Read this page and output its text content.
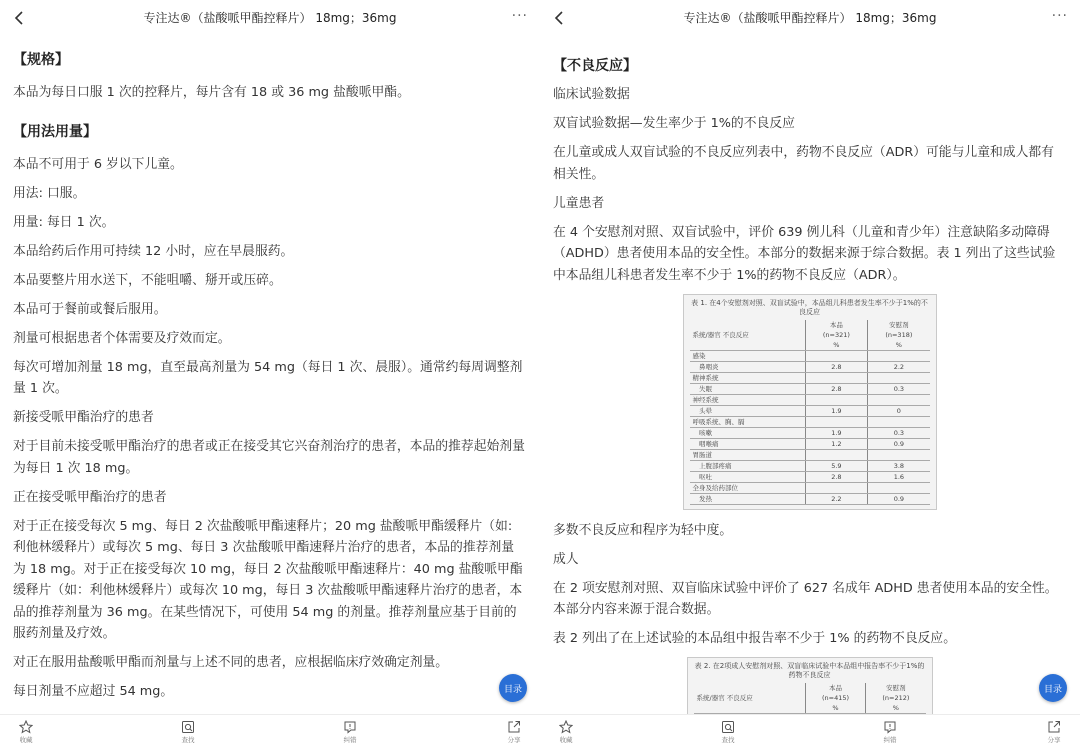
专注达®（盐酸哌甲酯控释片） 18mg；36mg	···
【规格】

本品为每日口服 1 次的控释片，每片含有 18 或 36 mg 盐酸哌甲酯。

【用法用量】

本品不可用于 6 岁以下儿童。

用法: 口服。

用量: 每日 1 次。

本品给药后作用可持续 12 小时，应在早晨服药。

本品要整片用水送下，不能咀嚼、掰开或压碎。

本品可于餐前或餐后服用。

剂量可根据患者个体需要及疗效而定。

每次可增加剂量 18 mg，直至最高剂量为 54 mg（每日 1 次、晨服）。通常约每周调整剂量 1 次。

新接受哌甲酯治疗的患者

对于目前未接受哌甲酯治疗的患者或正在接受其它兴奋剂治疗的患者，本品的推荐起始剂量为每日 1 次 18 mg。

正在接受哌甲酯治疗的患者

对于正在接受每次 5 mg、每日 2 次盐酸哌甲酯速释片；20 mg 盐酸哌甲酯缓释片（如: 利他林缓释片）或每次 5 mg、每日 3 次盐酸哌甲酯速释片治疗的患者，本品的推荐剂量为 18 mg。对于正在接受每次 10 mg，每日 2 次盐酸哌甲酯速释片：40 mg 盐酸哌甲酯缓释片（如：利他林缓释片）或每次 10 mg，每日 3 次盐酸哌甲酯速释片治疗的患者，本品的推荐剂量为 36 mg。在某些情况下，可使用 54 mg 的剂量。推荐剂量应基于目前的服药剂量及疗效。

对正在服用盐酸哌甲酯而剂量与上述不同的患者，应根据临床疗效确定剂量。

每日剂量不应超过 54 mg。	目录
收藏	查找	纠错	分享
专注达®（盐酸哌甲酯控释片） 18mg；36mg	···
【不良反应】

临床试验数据

双盲试验数据—发生率少于 1%的不良反应

在儿童或成人双盲试验的不良反应列表中，药物不良反应（ADR）可能与儿童和成人都有相关性。

儿童患者

在 4 个安慰剂对照、双盲试验中，评价 639 例儿科（儿童和青少年）注意缺陷多动障碍（ADHD）患者使用本品的安全性。本部分的数据来源于综合数据。表 1 列出了这些试验中本品组儿科患者发生率不少于 1%的药物不良反应（ADR）。

表 1. 在4个安慰剂对照、双盲试验中，本品组儿科患者发生率不少于1%的不良反应
系统/器官 不良反应	本品
(n=321)
%	安慰剂
(n=318)
%
感染		
　鼻咽炎	2.8	2.2
精神系统		
　失眠	2.8	0.3
神经系统		
　头晕	1.9	0
呼吸系统、胸、膈		
　咳嗽	1.9	0.3
　咽喉痛	1.2	0.9
胃肠道		
　上腹部疼痛	5.9	3.8
　呕吐	2.8	1.6
全身及给药部位		
　发热	2.2	0.9

多数不良反应和程序为轻中度。

成人

在 2 项安慰剂对照、双盲临床试验中评价了 627 名成年 ADHD 患者使用本品的安全性。本部分内容来源于混合数据。

表 2 列出了在上述试验的本品组中报告率不少于 1% 的药物不良反应。

表 2. 在2项成人安慰剂对照、双盲临床试验中本品组中报告率不少于1%的药物不良反应
系统/器官 不良反应	本品
(n=415)
%	安慰剂
(n=212)
%

目录
收藏	查找	纠错	分享
